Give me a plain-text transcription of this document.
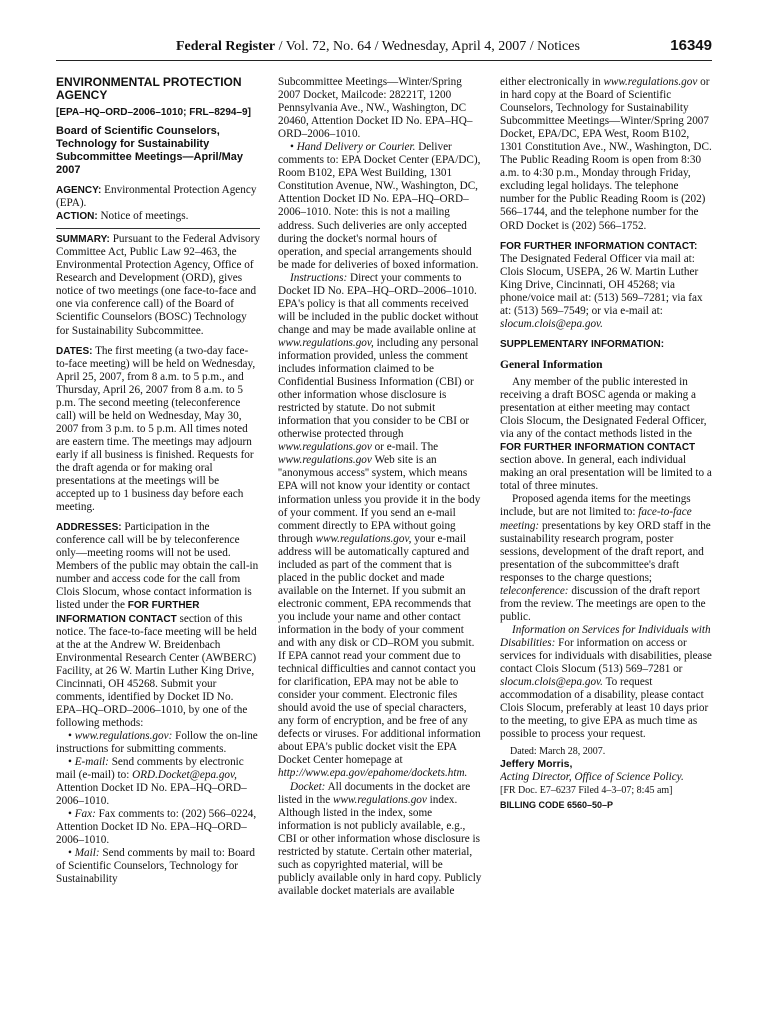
Federal Register / Vol. 72, No. 64 / Wednesday, April 4, 2007 / Notices	16349

ENVIRONMENTAL PROTECTION AGENCY

[EPA–HQ–ORD–2006–1010; FRL–8294–9]

Board of Scientific Counselors, Technology for Sustainability Subcommittee Meetings—April/May 2007

AGENCY: Environmental Protection Agency (EPA).

ACTION: Notice of meetings.

SUMMARY: Pursuant to the Federal Advisory Committee Act, Public Law 92–463, the Environmental Protection Agency, Office of Research and Development (ORD), gives notice of two meetings (one face-to-face and one via conference call) of the Board of Scientific Counselors (BOSC) Technology for Sustainability Subcommittee.

DATES: The first meeting (a two-day face-to-face meeting) will be held on Wednesday, April 25, 2007, from 8 a.m. to 5 p.m., and Thursday, April 26, 2007 from 8 a.m. to 5 p.m. The second meeting (teleconference call) will be held on Wednesday, May 30, 2007 from 3 p.m. to 5 p.m. All times noted are eastern time. The meetings may adjourn early if all business is finished. Requests for the draft agenda or for making oral presentations at the meetings will be accepted up to 1 business day before each meeting.

ADDRESSES: Participation in the conference call will be by teleconference only—meeting rooms will not be used. Members of the public may obtain the call-in number and access code for the call from Clois Slocum, whose contact information is listed under the FOR FURTHER INFORMATION CONTACT section of this notice. The face-to-face meeting will be held at the at the Andrew W. Breidenbach Environmental Research Center (AWBERC) Facility, at 26 W. Martin Luther King Drive, Cincinnati, OH 45268. Submit your comments, identified by Docket ID No. EPA–HQ–ORD–2006–1010, by one of the following methods:

• www.regulations.gov: Follow the on-line instructions for submitting comments.

• E-mail: Send comments by electronic mail (e-mail) to: ORD.Docket@epa.gov, Attention Docket ID No. EPA–HQ–ORD–2006–1010.

• Fax: Fax comments to: (202) 566–0224, Attention Docket ID No. EPA–HQ–ORD–2006–1010.

• Mail: Send comments by mail to: Board of Scientific Counselors, Technology for Sustainability

Subcommittee Meetings—Winter/Spring 2007 Docket, Mailcode: 28221T, 1200 Pennsylvania Ave., NW., Washington, DC 20460, Attention Docket ID No. EPA–HQ–ORD–2006–1010.

• Hand Delivery or Courier. Deliver comments to: EPA Docket Center (EPA/DC), Room B102, EPA West Building, 1301 Constitution Avenue, NW., Washington, DC, Attention Docket ID No. EPA–HQ–ORD–2006–1010. Note: this is not a mailing address. Such deliveries are only accepted during the docket's normal hours of operation, and special arrangements should be made for deliveries of boxed information.

Instructions: Direct your comments to Docket ID No. EPA–HQ–ORD–2006–1010. EPA's policy is that all comments received will be included in the public docket without change and may be made available online at www.regulations.gov, including any personal information provided, unless the comment includes information claimed to be Confidential Business Information (CBI) or other information whose disclosure is restricted by statute. Do not submit information that you consider to be CBI or otherwise protected through www.regulations.gov or e-mail. The www.regulations.gov Web site is an ''anonymous access'' system, which means EPA will not know your identity or contact information unless you provide it in the body of your comment. If you send an e-mail comment directly to EPA without going through www.regulations.gov, your e-mail address will be automatically captured and included as part of the comment that is placed in the public docket and made available on the Internet. If you submit an electronic comment, EPA recommends that you include your name and other contact information in the body of your comment and with any disk or CD–ROM you submit. If EPA cannot read your comment due to technical difficulties and cannot contact you for clarification, EPA may not be able to consider your comment. Electronic files should avoid the use of special characters, any form of encryption, and be free of any defects or viruses. For additional information about EPA's public docket visit the EPA Docket Center homepage at http://www.epa.gov/epahome/dockets.htm.

Docket: All documents in the docket are listed in the www.regulations.gov index. Although listed in the index, some information is not publicly available, e.g., CBI or other information whose disclosure is restricted by statute. Certain other material, such as copyrighted material, will be publicly available only in hard copy. Publicly available docket materials are available

either electronically in www.regulations.gov or in hard copy at the Board of Scientific Counselors, Technology for Sustainability Subcommittee Meetings—Winter/Spring 2007 Docket, EPA/DC, EPA West, Room B102, 1301 Constitution Ave., NW., Washington, DC. The Public Reading Room is open from 8:30 a.m. to 4:30 p.m., Monday through Friday, excluding legal holidays. The telephone number for the Public Reading Room is (202) 566–1744, and the telephone number for the ORD Docket is (202) 566–1752.

FOR FURTHER INFORMATION CONTACT: The Designated Federal Officer via mail at: Clois Slocum, USEPA, 26 W. Martin Luther King Drive, Cincinnati, OH 45268; via phone/voice mail at: (513) 569–7281; via fax at: (513) 569–7549; or via e-mail at: slocum.clois@epa.gov.

SUPPLEMENTARY INFORMATION:

General Information

Any member of the public interested in receiving a draft BOSC agenda or making a presentation at either meeting may contact Clois Slocum, the Designated Federal Officer, via any of the contact methods listed in the FOR FURTHER INFORMATION CONTACT section above. In general, each individual making an oral presentation will be limited to a total of three minutes.

Proposed agenda items for the meetings include, but are not limited to: face-to-face meeting: presentations by key ORD staff in the sustainability research program, poster sessions, development of the draft report, and presentation of the subcommittee's draft responses to the charge questions; teleconference: discussion of the draft report from the review. The meetings are open to the public.

Information on Services for Individuals with Disabilities: For information on access or services for individuals with disabilities, please contact Clois Slocum (513) 569–7281 or slocum.clois@epa.gov. To request accommodation of a disability, please contact Clois Slocum, preferably at least 10 days prior to the meeting, to give EPA as much time as possible to process your request.

Dated: March 28, 2007.

Jeffery Morris,

Acting Director, Office of Science Policy.

[FR Doc. E7–6237 Filed 4–3–07; 8:45 am]

BILLING CODE 6560–50–P
